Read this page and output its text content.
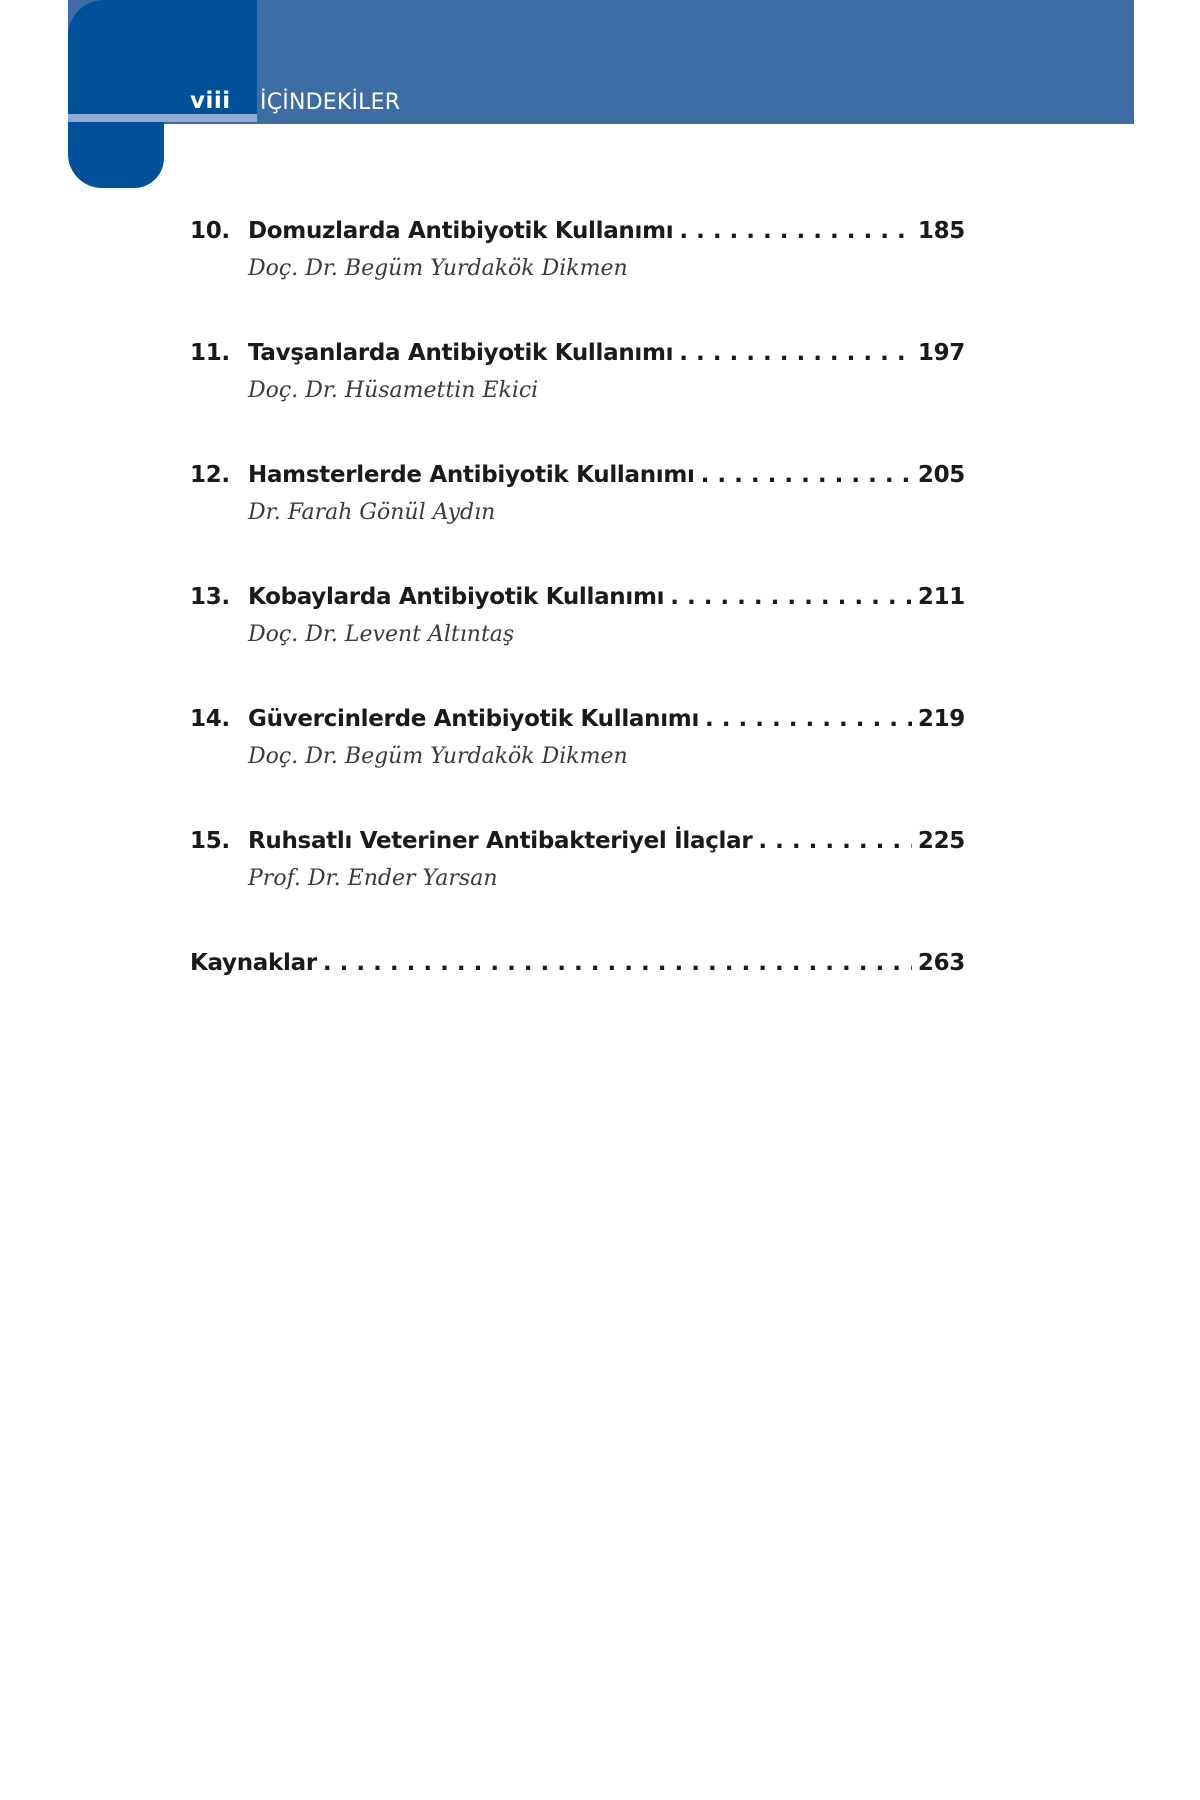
viii İÇİNDEKİLER
10. Domuzlarda Antibiyotik Kullanımı . . .	185
Doç. Dr. Begüm Yurdakök Dikmen
11. Tavşanlarda Antibiyotik Kullanımı . . .	197
Doç. Dr. Hüsamettin Ekici
12. Hamsterlerde Antibiyotik Kullanımı . . .	205
Dr. Farah Gönül Aydın
13. Kobaylarda Antibiyotik Kullanımı . . .	211
Doç. Dr. Levent Altıntaş
14. Güvercinlerde Antibiyotik Kullanımı . . .	219
Doç. Dr. Begüm Yurdakök Dikmen
15. Ruhsatlı Veteriner Antibakteriyel İlaçlar . . .	225
Prof. Dr. Ender Yarsan
Kaynaklar . . .	263
